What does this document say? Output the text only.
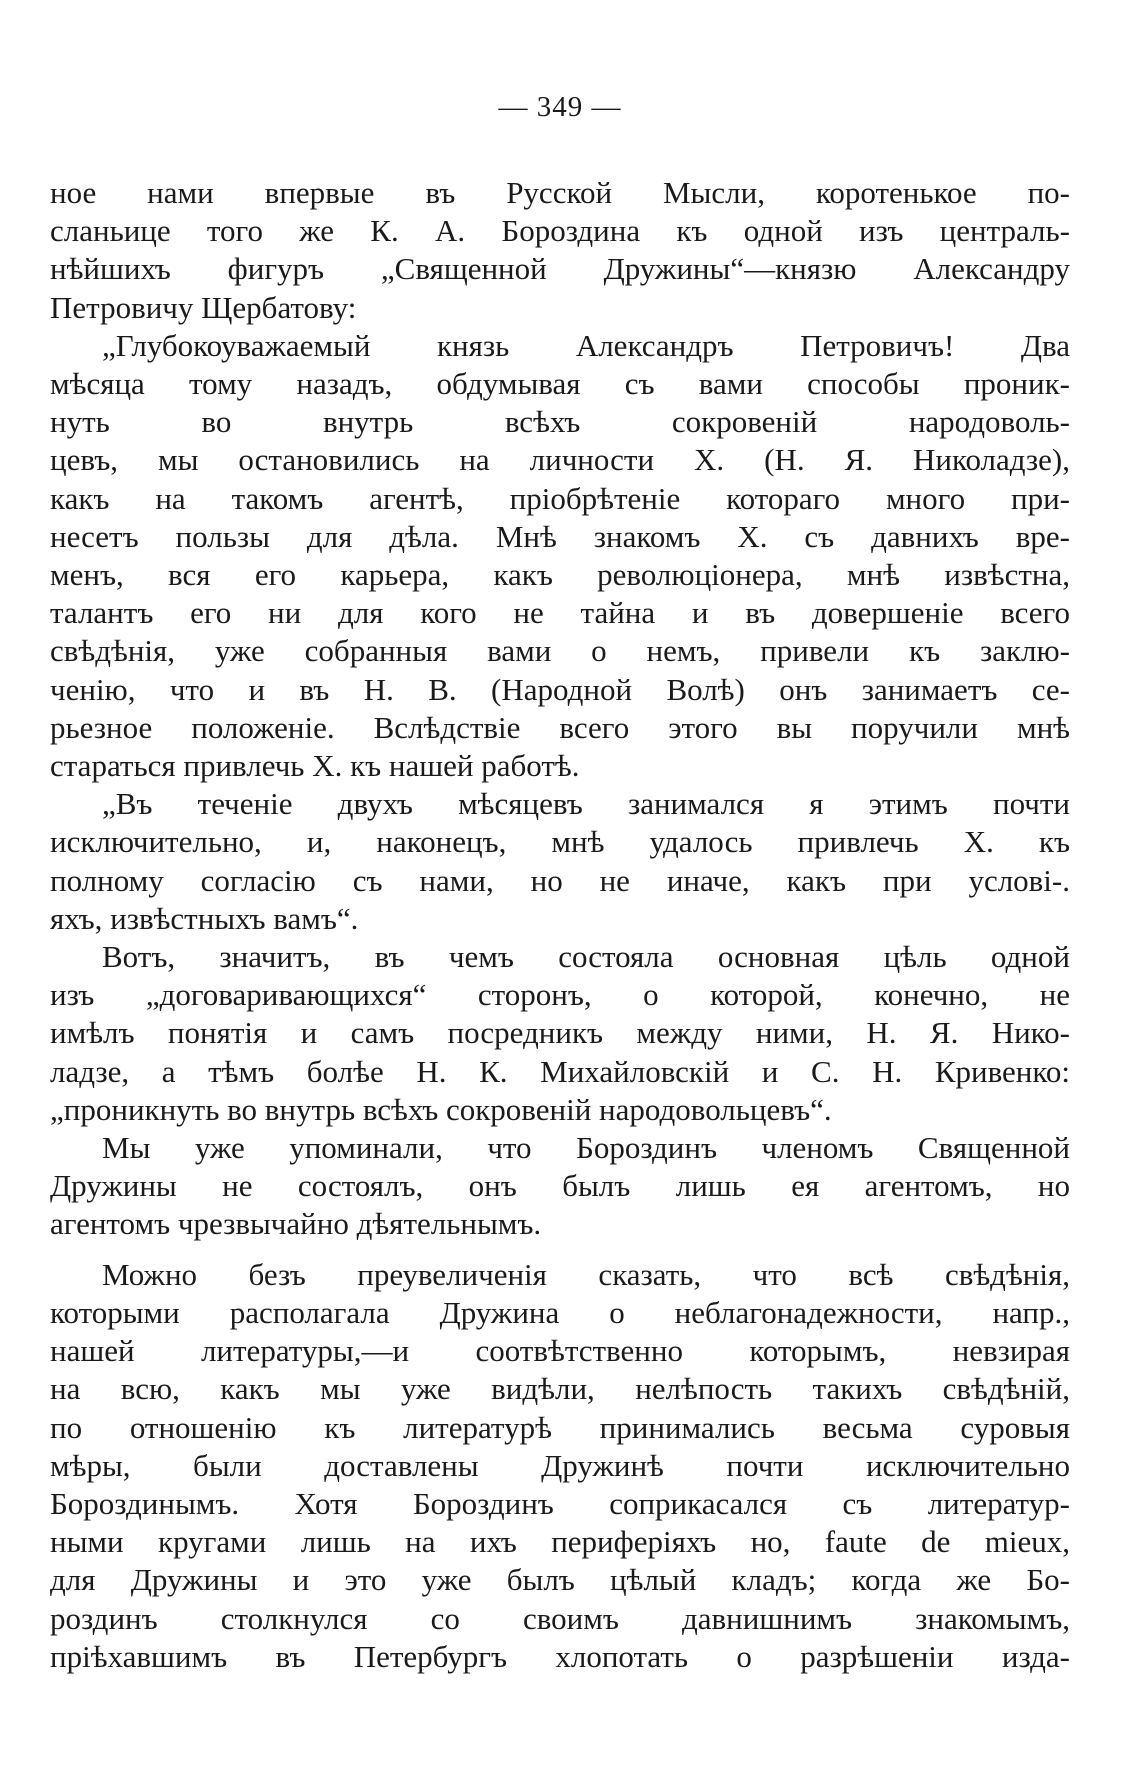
— 349 —
ное нами впервые въ Русской Мысли, коротенькое по-
сланьице того же К. А. Бороздина къ одной изъ централь-
нѣйшихъ фигуръ „Священной Дружины“—князю Александру
Петровичу Щербатову:
„Глубокоуважаемый князь Александръ Петровичъ! Два
мѣсяца тому назадъ, обдумывая съ вами способы проник-
нуть во внутрь всѣхъ сокровеній народоволь-
цевъ, мы остановились на личности Х. (Н. Я. Николадзе),
какъ на такомъ агентѣ, пріобрѣтеніе котораго много при-
несетъ пользы для дѣла. Мнѣ знакомъ Х. съ давнихъ вре-
менъ, вся его карьера, какъ революціонера, мнѣ извѣстна,
талантъ его ни для кого не тайна и въ довершеніе всего
свѣдѣнія, уже собранныя вами о немъ, привели къ заклю-
ченію, что и въ Н. В. (Народной Волѣ) онъ занимаетъ се-
рьезное положеніе. Вслѣдствіе всего этого вы поручили мнѣ
стараться привлечь Х. къ нашей работѣ.
„Въ теченіе двухъ мѣсяцевъ занимался я этимъ почти
исключительно, и, наконецъ, мнѣ удалось привлечь Х. къ
полному согласію съ нами, но не иначе, какъ при услові-.
яхъ, извѣстныхъ вамъ“.
Вотъ, значитъ, въ чемъ состояла основная цѣль одной
изъ „договаривающихся“ сторонъ, о которой, конечно, не
имѣлъ понятія и самъ посредникъ между ними, Н. Я. Нико-
ладзе, а тѣмъ болѣе Н. К. Михайловскій и С. Н. Кривенко:
„проникнуть во внутрь всѣхъ сокровеній народовольцевъ“.
Мы уже упоминали, что Бороздинъ членомъ Священной
Дружины не состоялъ, онъ былъ лишь ея агентомъ, но
агентомъ чрезвычайно дѣятельнымъ.
Можно безъ преувеличенія сказать, что всѣ свѣдѣнія,
которыми располагала Дружина о неблагонадежности, напр.,
нашей литературы,—и соотвѣтственно которымъ, невзирая
на всю, какъ мы уже видѣли, нелѣпость такихъ свѣдѣній,
по отношенію къ литературѣ принимались весьма суровыя
мѣры, были доставлены Дружинѣ почти исключительно
Бороздинымъ. Хотя Бороздинъ соприкасался съ литератур-
ными кругами лишь на ихъ периферіяхъ но, faute de mieux,
для Дружины и это уже былъ цѣлый кладъ; когда же Бо-
роздинъ столкнулся со своимъ давнишнимъ знакомымъ,
пріѣхавшимъ въ Петербургъ хлопотать о разрѣшеніи изда-
